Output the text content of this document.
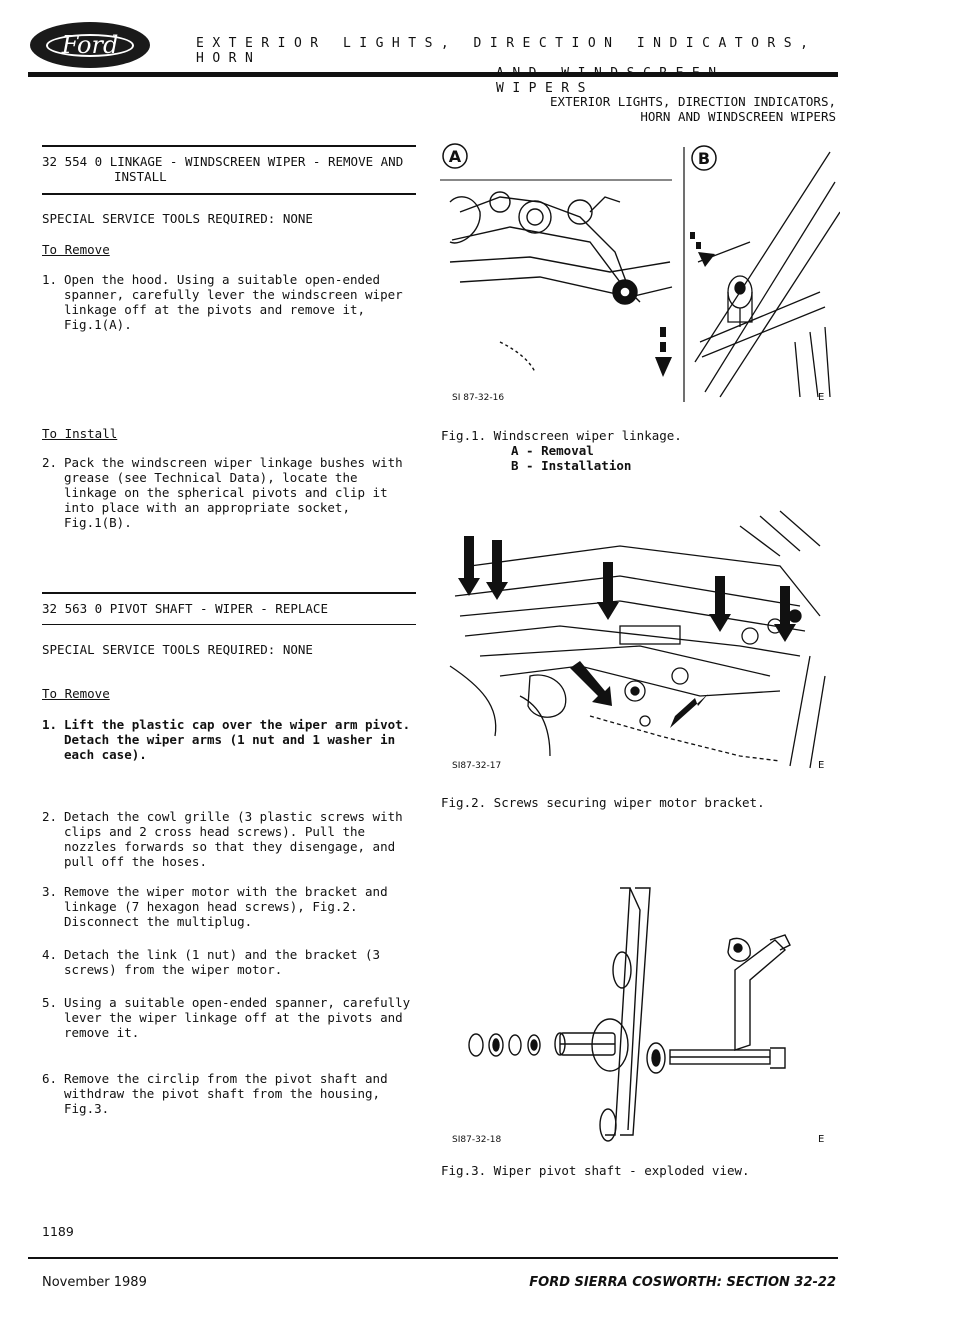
Ford	EXTERIOR LIGHTS, DIRECTION INDICATORS, HORN
WIPERS
EXTERIOR LIGHTS, DIRECTION INDICATORS,
HORN AND WINDSCREEN WIPERS
32 554 0 LINKAGE - WINDSCREEN WIPER - REMOVE AND
INSTALL
SPECIAL SERVICE TOOLS REQUIRED: NONE
To Remove
1. Open the hood. Using a suitable open-ended spanner, carefully lever the windscreen wiper linkage off at the pivots and remove it, Fig.1(A).
To Install
2. Pack the windscreen wiper linkage bushes with grease (see Technical Data), locate the linkage on the spherical pivots and clip it into place with an appropriate socket, Fig.1(B).
32 563 0 PIVOT SHAFT - WIPER - REPLACE
SPECIAL SERVICE TOOLS REQUIRED: NONE
To Remove
1. Lift the plastic cap over the wiper arm pivot. Detach the wiper arms (1 nut and 1 washer in each case).
2. Detach the cowl grille (3 plastic screws with clips and 2 cross head screws). Pull the nozzles forwards so that they disengage, and pull off the hoses.
3. Remove the wiper motor with the bracket and linkage (7 hexagon head screws), Fig.2. Disconnect the multiplug.
4. Detach the link (1 nut) and the bracket (3 screws) from the wiper motor.
5. Using a suitable open-ended spanner, carefully lever the wiper linkage off at the pivots and remove it.
6. Remove the circlip from the pivot shaft and withdraw the pivot shaft from the housing, Fig.3.
1189
A	B
SI 87-32-16	E
Fig.1. Windscreen wiper linkage.
A - Removal
B - Installation
SI87-32-17	E
Fig.2. Screws securing wiper motor bracket.
SI87-32-18	E
Fig.3. Wiper pivot shaft - exploded view.
November 1989	FORD SIERRA COSWORTH: SECTION 32-22
